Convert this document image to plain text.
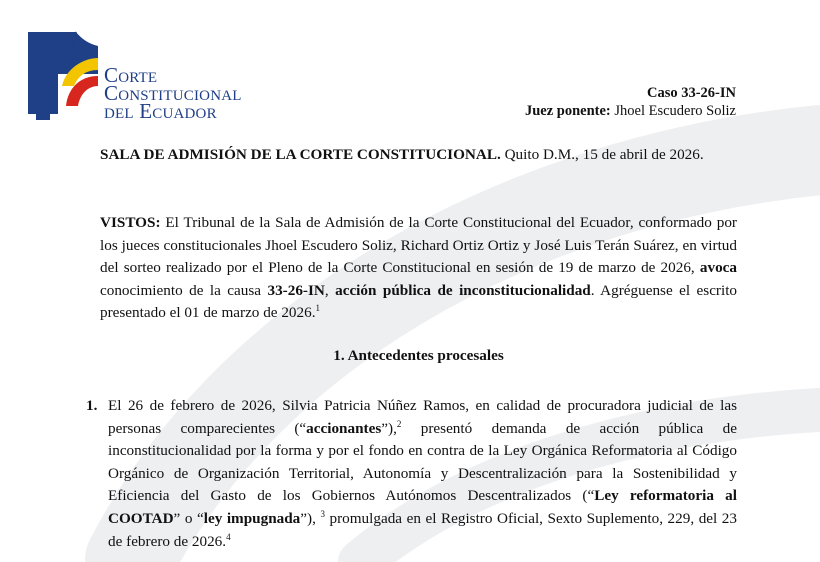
Corte
Constitucional
del Ecuador
Caso 33-26-IN
Juez ponente: Jhoel Escudero Soliz
SALA DE ADMISIÓN DE LA CORTE CONSTITUCIONAL. Quito D.M., 15 de abril de 2026.
VISTOS: El Tribunal de la Sala de Admisión de la Corte Constitucional del Ecuador, conformado por los jueces constitucionales Jhoel Escudero Soliz, Richard Ortiz Ortiz y José Luis Terán Suárez, en virtud del sorteo realizado por el Pleno de la Corte Constitucional en sesión de 19 de marzo de 2026, avoca conocimiento de la causa 33-26-IN, acción pública de inconstitucionalidad. Agréguense el escrito presentado el 01 de marzo de 2026.$^1$
1. Antecedentes procesales
1. El 26 de febrero de 2026, Silvia Patricia Núñez Ramos, en calidad de procuradora judicial de las personas comparecientes (“accionantes”),$^2$ presentó demanda de acción pública de inconstitucionalidad por la forma y por el fondo en contra de la Ley Orgánica Reformatoria al Código Orgánico de Organización Territorial, Autonomía y Descentralización para la Sostenibilidad y Eficiencia del Gasto de los Gobiernos Autónomos Descentralizados (“Ley reformatoria al COOTAD” o “ley impugnada”), $^3$ promulgada en el Registro Oficial, Sexto Suplemento, 229, del 23 de febrero de 2026.$^4$
